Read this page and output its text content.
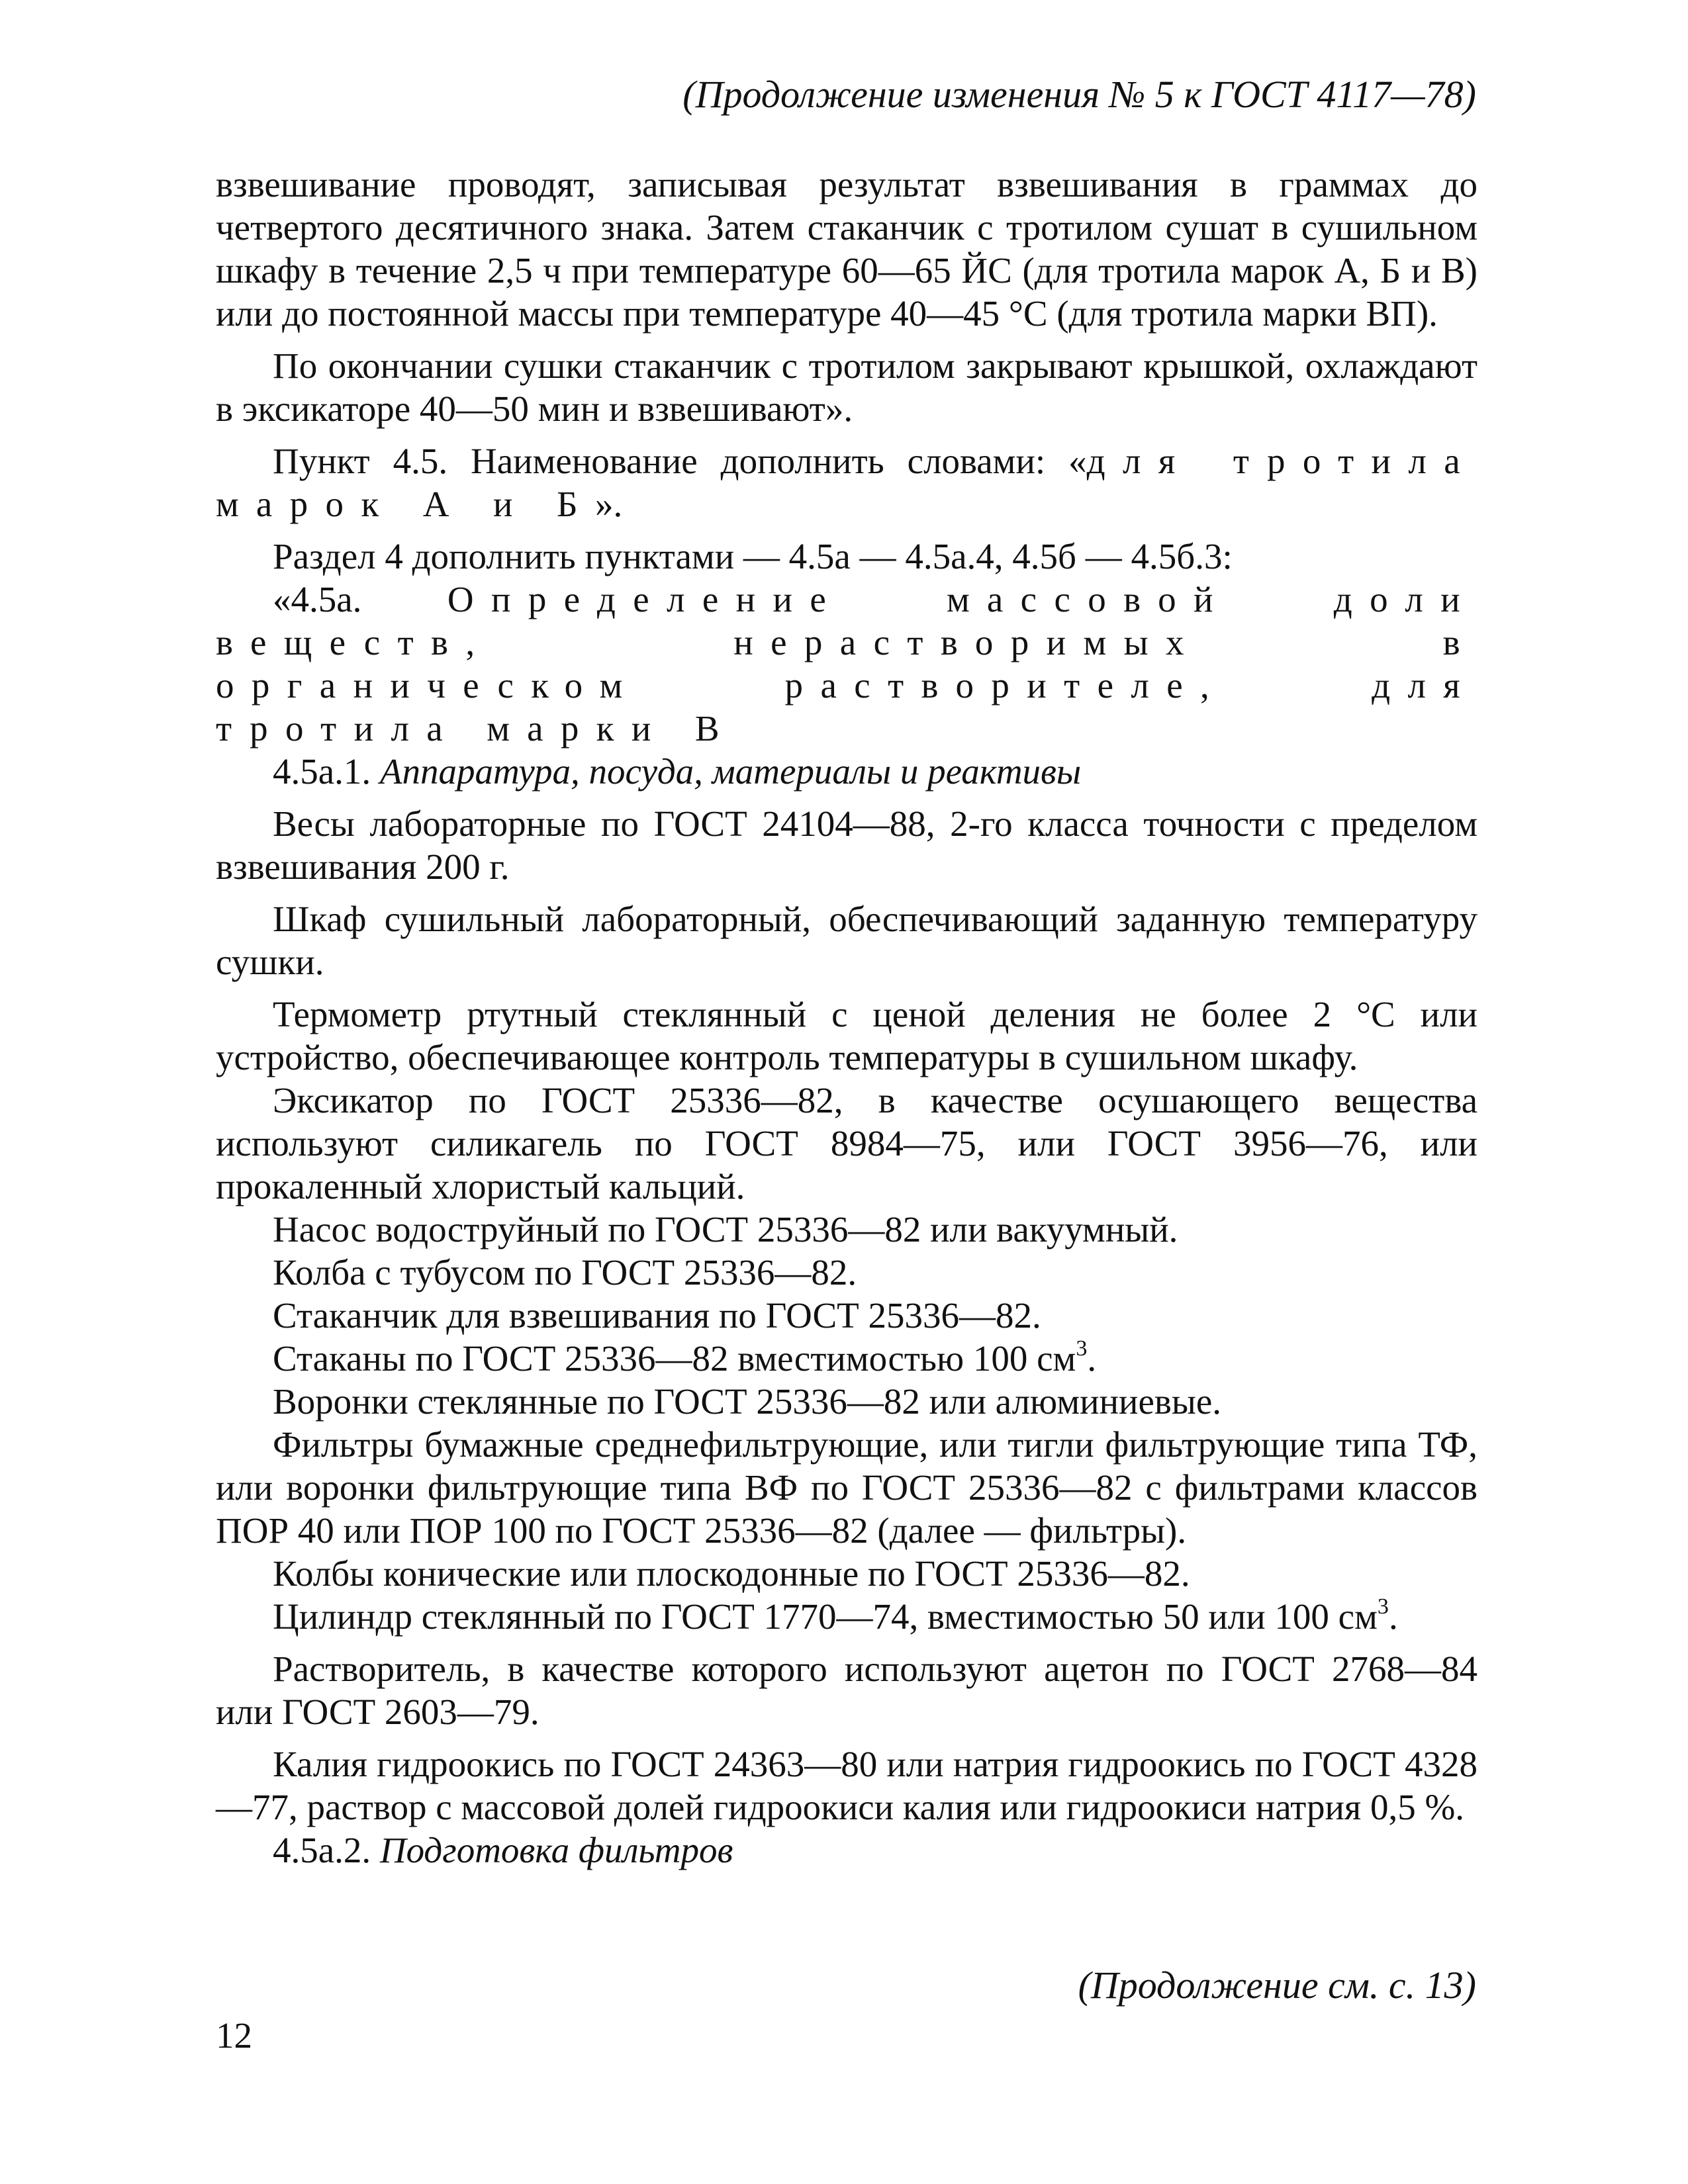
(Продолжение изменения № 5 к ГОСТ 4117—78)

взвешивание проводят, записывая результат взвешивания в граммах до четвертого десятичного знака. Затем стаканчик с тротилом сушат в сушильном шкафу в течение 2,5 ч при температуре 60—65 ЙС (для тротила марок А, Б и В) или до постоянной массы при температуре 40—45 °С (для тротила марки ВП).

По окончании сушки стаканчик с тротилом закрывают крышкой, охлаждают в эксикаторе 40—50 мин и взвешивают».

Пункт 4.5. Наименование дополнить словами: «для тротила марок А и Б».

Раздел 4 дополнить пунктами — 4.5а — 4.5а.4, 4.5б — 4.5б.3:

«4.5а. Определение массовой доли веществ, нерастворимых в органическом растворителе, для тротила марки В

4.5а.1. Аппаратура, посуда, материалы и реактивы

Весы лабораторные по ГОСТ 24104—88, 2-го класса точности с пределом взвешивания 200 г.

Шкаф сушильный лабораторный, обеспечивающий заданную температуру сушки.

Термометр ртутный стеклянный с ценой деления не более 2 °С или устройство, обеспечивающее контроль температуры в сушильном шкафу.

Эксикатор по ГОСТ 25336—82, в качестве осушающего вещества используют силикагель по ГОСТ 8984—75, или ГОСТ 3956—76, или прокаленный хлористый кальций.

Насос водоструйный по ГОСТ 25336—82 или вакуумный.

Колба с тубусом по ГОСТ 25336—82.

Стаканчик для взвешивания по ГОСТ 25336—82.

Стаканы по ГОСТ 25336—82 вместимостью 100 $см^3$.

Воронки стеклянные по ГОСТ 25336—82 или алюминиевые.

Фильтры бумажные среднефильтрующие, или тигли фильтрующие типа ТФ, или воронки фильтрующие типа ВФ по ГОСТ 25336—82 с фильтрами классов ПОР 40 или ПОР 100 по ГОСТ 25336—82 (далее — фильтры).

Колбы конические или плоскодонные по ГОСТ 25336—82.

Цилиндр стеклянный по ГОСТ 1770—74, вместимостью 50 или 100 $см^3$.

Растворитель, в качестве которого используют ацетон по ГОСТ 2768—84 или ГОСТ 2603—79.

Калия гидроокись по ГОСТ 24363—80 или натрия гидроокись по ГОСТ 4328—77, раствор с массовой долей гидроокиси калия или гидроокиси натрия 0,5 %.

4.5а.2. Подготовка фильтров

(Продолжение см. с. 13)
12
